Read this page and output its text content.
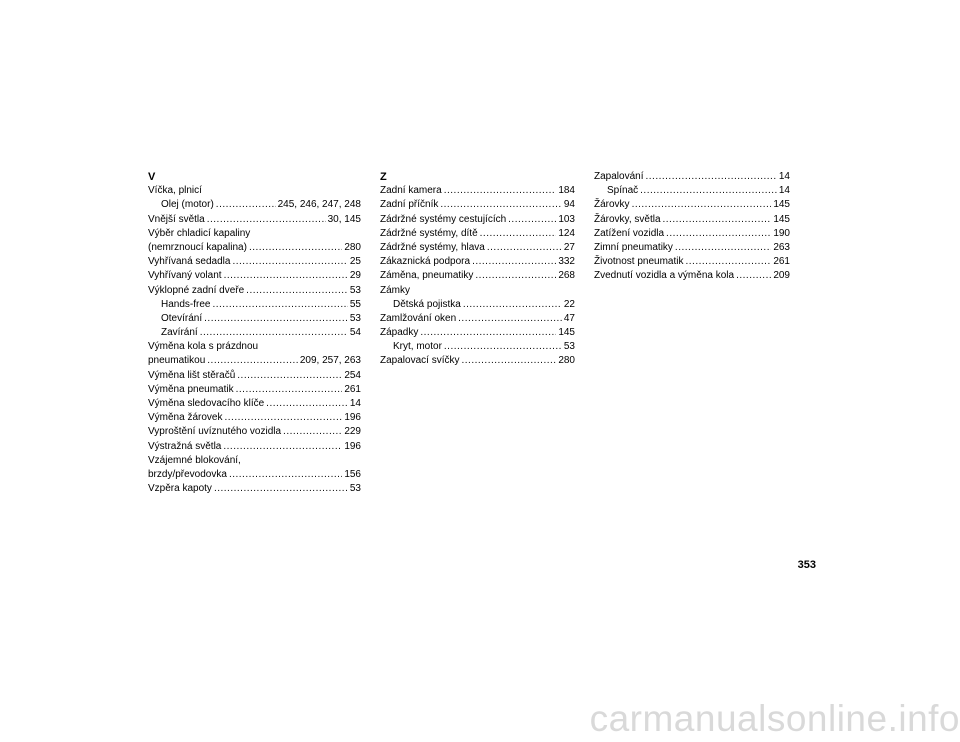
V
Víčka, plnicí
Olej (motor) .....	245, 246, 247, 248
Vnější světla .....	30, 145
Výběr chladicí kapaliny
(nemrznoucí kapalina) .....	280
Vyhřívaná sedadla .....	25
Vyhřívaný volant .....	29
Výklopné zadní dveře .....	53
Hands-free .....	55
Otevírání .....	53
Zavírání .....	54
Výměna kola s prázdnou
pneumatikou .....	209, 257, 263
Výměna lišt stěračů .....	254
Výměna pneumatik .....	261
Výměna sledovacího klíče .....	14
Výměna žárovek .....	196
Vyproštění uvíznutého vozidla .....	229
Výstražná světla .....	196
Vzájemné blokování,
brzdy/převodovka .....	156
Vzpěra kapoty .....	53
Z
Zadní kamera .....	184
Zadní příčník .....	94
Zádržné systémy cestujících .....	103
Zádržné systémy, dítě .....	124
Zádržné systémy, hlava .....	27
Zákaznická podpora .....	332
Záměna, pneumatiky .....	268
Zámky
Dětská pojistka .....	22
Zamlžování oken .....	47
Západky .....	145
Kryt, motor .....	53
Zapalovací svíčky .....	280
Zapalování .....	14
Spínač .....	14
Žárovky .....	145
Žárovky, světla .....	145
Zatížení vozidla .....	190
Zimní pneumatiky .....	263
Životnost pneumatik .....	261
Zvednutí vozidla a výměna kola .....	209
353
carmanualsonline.info
